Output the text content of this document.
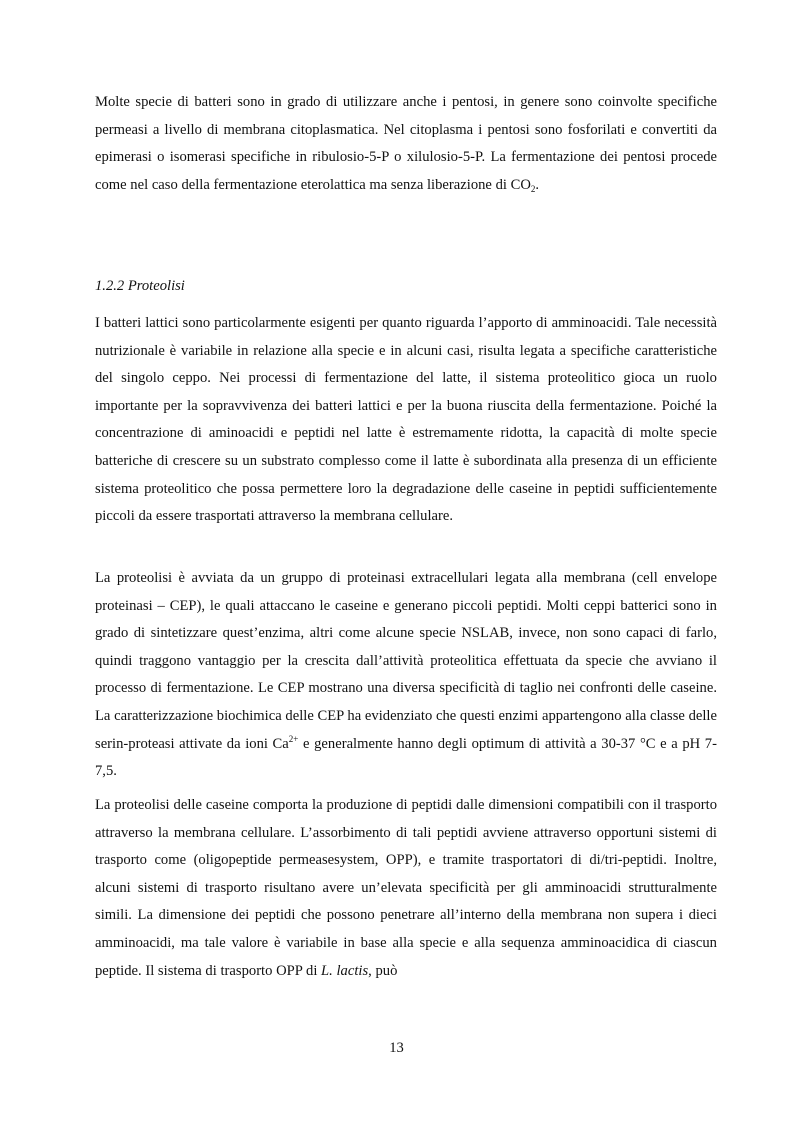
Molte specie di batteri sono in grado di utilizzare anche i pentosi, in genere sono coinvolte specifiche permeasi a livello di membrana citoplasmatica. Nel citoplasma i pentosi sono fosforilati e convertiti da epimerasi o isomerasi specifiche in ribulosio-5-P o xilulosio-5-P. La fermentazione dei pentosi procede come nel caso della fermentazione eterolattica ma senza liberazione di $CO_2$.

1.2.2 Proteolisi

I batteri lattici sono particolarmente esigenti per quanto riguarda l’apporto di amminoacidi. Tale necessità nutrizionale è variabile in relazione alla specie e in alcuni casi, risulta legata a specifiche caratteristiche del singolo ceppo. Nei processi di fermentazione del latte, il sistema proteolitico gioca un ruolo importante per la sopravvivenza dei batteri lattici e per la buona riuscita della fermentazione. Poiché la concentrazione di aminoacidi e peptidi nel latte è estremamente ridotta, la capacità di molte specie batteriche di crescere su un substrato complesso come il latte è subordinata alla presenza di un efficiente sistema proteolitico che possa permettere loro la degradazione delle caseine in peptidi sufficientemente piccoli da essere trasportati attraverso la membrana cellulare.

La proteolisi è avviata da un gruppo di proteinasi extracellulari legata alla membrana (cell envelope proteinasi – CEP), le quali attaccano le caseine e generano piccoli peptidi. Molti ceppi batterici sono in grado di sintetizzare quest’enzima, altri come alcune specie NSLAB, invece, non sono capaci di farlo, quindi traggono vantaggio per la crescita dall’attività proteolitica effettuata da specie che avviano il processo di fermentazione. Le CEP mostrano una diversa specificità di taglio nei confronti delle caseine. La caratterizzazione biochimica delle CEP ha evidenziato che questi enzimi appartengono alla classe delle serin-proteasi attivate da ioni $Ca^{2+}$ e generalmente hanno degli optimum di attività a 30-37 °C e a pH 7-7,5.

La proteolisi delle caseine comporta la produzione di peptidi dalle dimensioni compatibili con il trasporto attraverso la membrana cellulare. L’assorbimento di tali peptidi avviene attraverso opportuni sistemi di trasporto come (oligopeptide permeasesystem, OPP), e tramite trasportatori di di/tri-peptidi. Inoltre, alcuni sistemi di trasporto risultano avere un’elevata specificità per gli amminoacidi strutturalmente simili. La dimensione dei peptidi che possono penetrare all’interno della membrana non supera i dieci amminoacidi, ma tale valore è variabile in base alla specie e alla sequenza amminoacidica di ciascun peptide. Il sistema di trasporto OPP di L. lactis, può

13
